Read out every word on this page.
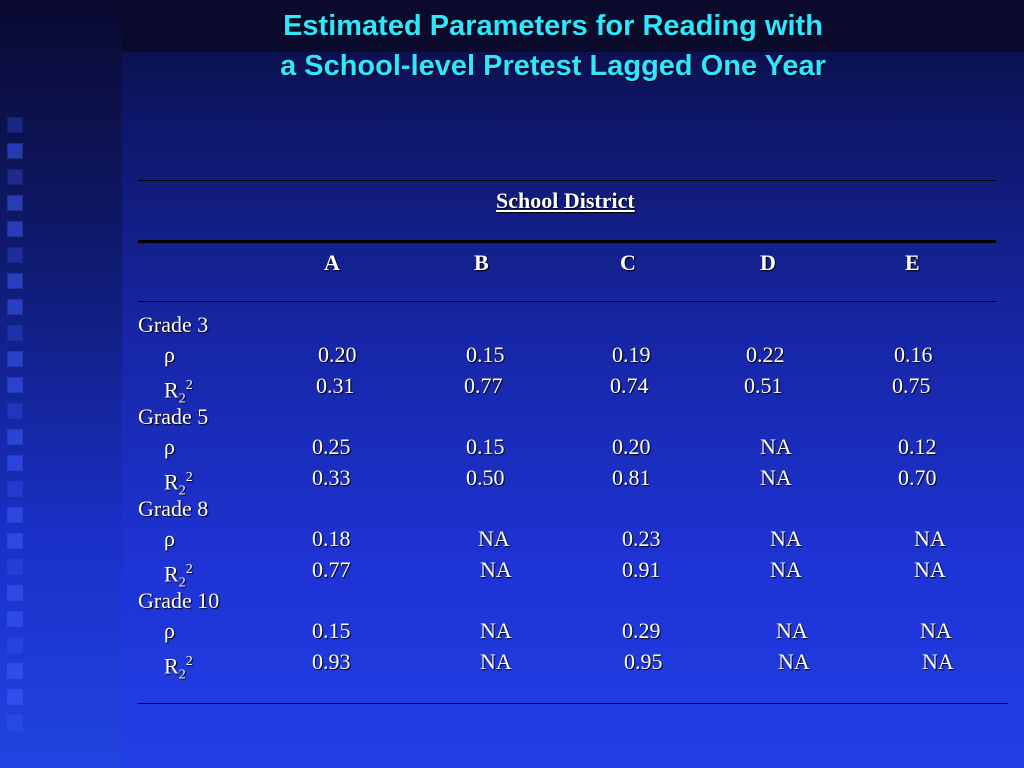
Estimated Parameters for Reading with
a School-level Pretest Lagged One Year
School District
A	B	C	D	E
Grade 3
ρ	0.20	0.15	0.19	0.22	0.16
$R_2^2$	0.31	0.77	0.74	0.51	0.75
Grade 5
ρ	0.25	0.15	0.20	NA	0.12
$R_2^2$	0.33	0.50	0.81	NA	0.70
Grade 8
ρ	0.18	NA	0.23	NA	NA
$R_2^2$	0.77	NA	0.91	NA	NA
Grade 10
ρ	0.15	NA	0.29	NA	NA
$R_2^2$	0.93	NA	0.95	NA	NA
